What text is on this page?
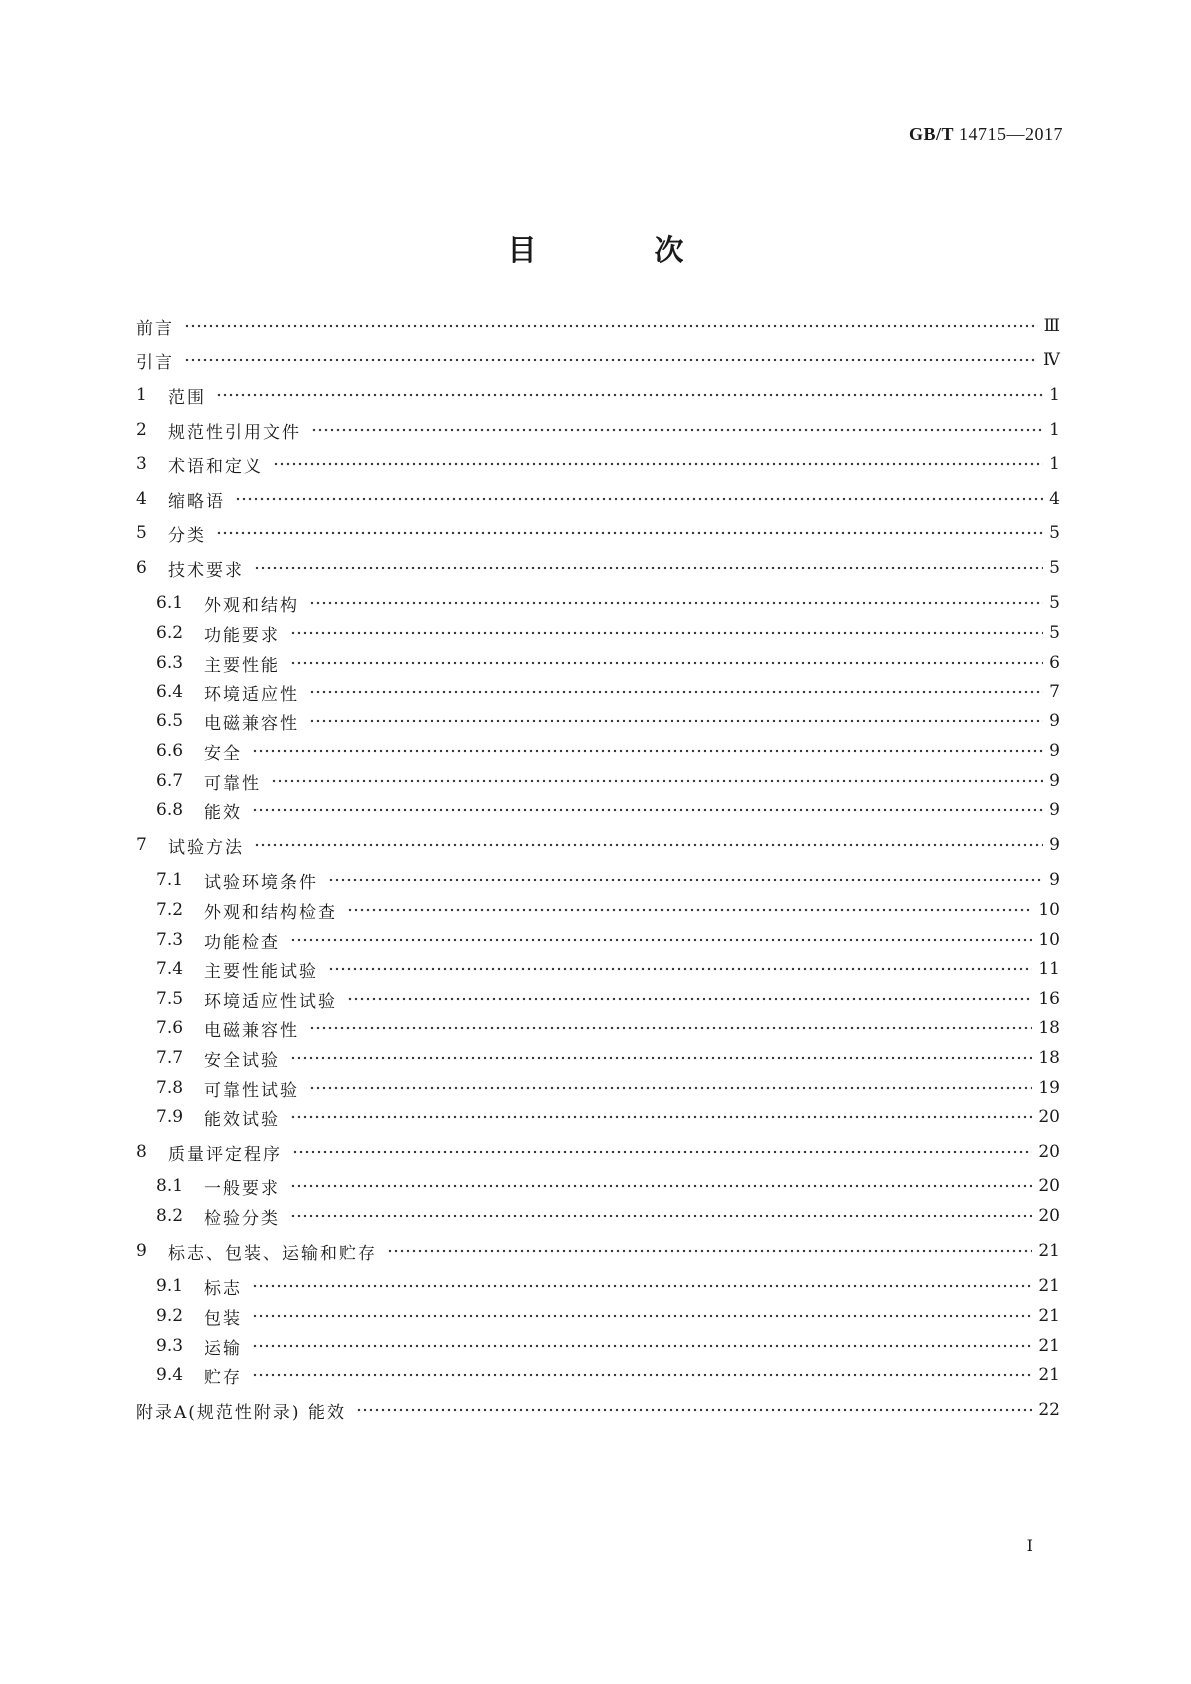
GB/T 14715—2017
目 次
前言	Ⅲ
引言	Ⅳ
1	范围	1
2	规范性引用文件	1
3	术语和定义	1
4	缩略语	4
5	分类	5
6	技术要求	5
6.1	外观和结构	5
6.2	功能要求	5
6.3	主要性能	6
6.4	环境适应性	7
6.5	电磁兼容性	9
6.6	安全	9
6.7	可靠性	9
6.8	能效	9
7	试验方法	9
7.1	试验环境条件	9
7.2	外观和结构检查	10
7.3	功能检查	10
7.4	主要性能试验	11
7.5	环境适应性试验	16
7.6	电磁兼容性	18
7.7	安全试验	18
7.8	可靠性试验	19
7.9	能效试验	20
8	质量评定程序	20
8.1	一般要求	20
8.2	检验分类	20
9	标志、包装、运输和贮存	21
9.1	标志	21
9.2	包装	21
9.3	运输	21
9.4	贮存	21
附录A(规范性附录) 能效	22
I
